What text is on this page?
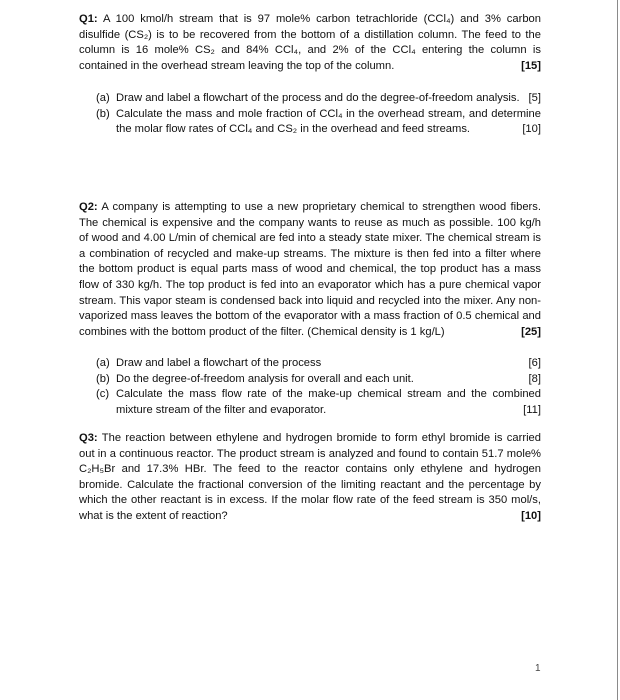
Q1: A 100 kmol/h stream that is 97 mole% carbon tetrachloride (CCl₄) and 3% carbon disulfide (CS₂) is to be recovered from the bottom of a distillation column. The feed to the column is 16 mole% CS₂ and 84% CCl₄, and 2% of the CCl₄ entering the column is contained in the overhead stream leaving the top of the column.	[15]

(a) Draw and label a flowchart of the process and do the degree-of-freedom analysis. [5]
(b) Calculate the mass and mole fraction of CCl₄ in the overhead stream, and determine the molar flow rates of CCl₄ and CS₂ in the overhead and feed streams.	[10]

Q2: A company is attempting to use a new proprietary chemical to strengthen wood fibers. The chemical is expensive and the company wants to reuse as much as possible. 100 kg/h of wood and 4.00 L/min of chemical are fed into a steady state mixer. The chemical stream is a combination of recycled and make-up streams. The mixture is then fed into a filter where the bottom product is equal parts mass of wood and chemical, the top product has a mass flow of 330 kg/h. The top product is fed into an evaporator which has a pure chemical vapor stream. This vapor steam is condensed back into liquid and recycled into the mixer. Any non-vaporized mass leaves the bottom of the evaporator with a mass fraction of 0.5 chemical and combines with the bottom product of the filter. (Chemical density is 1 kg/L)	[25]

(a) Draw and label a flowchart of the process	[6]
(b) Do the degree-of-freedom analysis for overall and each unit.	[8]
(c) Calculate the mass flow rate of the make-up chemical stream and the combined mixture stream of the filter and evaporator.	[11]

Q3: The reaction between ethylene and hydrogen bromide to form ethyl bromide is carried out in a continuous reactor. The product stream is analyzed and found to contain 51.7 mole% C₂H₅Br and 17.3% HBr. The feed to the reactor contains only ethylene and hydrogen bromide. Calculate the fractional conversion of the limiting reactant and the percentage by which the other reactant is in excess. If the molar flow rate of the feed stream is 350 mol/s, what is the extent of reaction?	[10]

1
